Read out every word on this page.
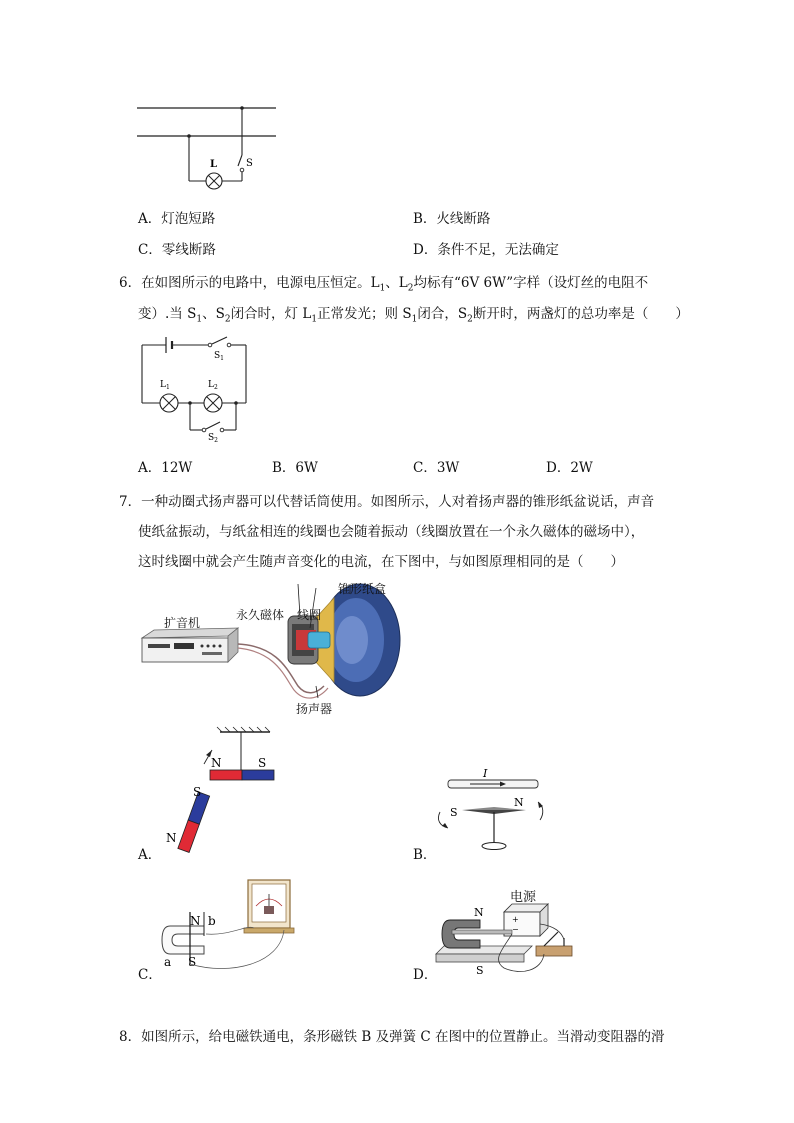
L	S
A．灯泡短路	B．火线断路
C．零线断路	D．条件不足，无法确定
6．在如图所示的电路中，电源电压恒定。$L_1$、$L_2$均标有“6V 6W”字样（设灯丝的电阻不
变）.当 $S_1$、$S_2$闭合时，灯 $L_1$正常发光；则 $S_1$闭合，$S_2$断开时，两盏灯的总功率是（　　）
$S_1$
$L_1$	$L_2$
$S_2$
A．12W	B．6W	C．3W	D．2W
7．一种动圈式扬声器可以代替话筒使用。如图所示，人对着扬声器的锥形纸盆说话，声音
使纸盆振动，与纸盆相连的线圈也会随着振动（线圈放置在一个永久磁体的磁场中），
这时线圈中就会产生随声音变化的电流，在下图中，与如图原理相同的是（　　）
扩音机
永久磁体 线圈
锥形纸盒
扬声器
N	S
S
N
A．
I
S
N
B．
N b
a S
C．
+
−
N
S
电源
D．
8．如图所示，给电磁铁通电，条形磁铁 B 及弹簧 C 在图中的位置静止。当滑动变阻器的滑
